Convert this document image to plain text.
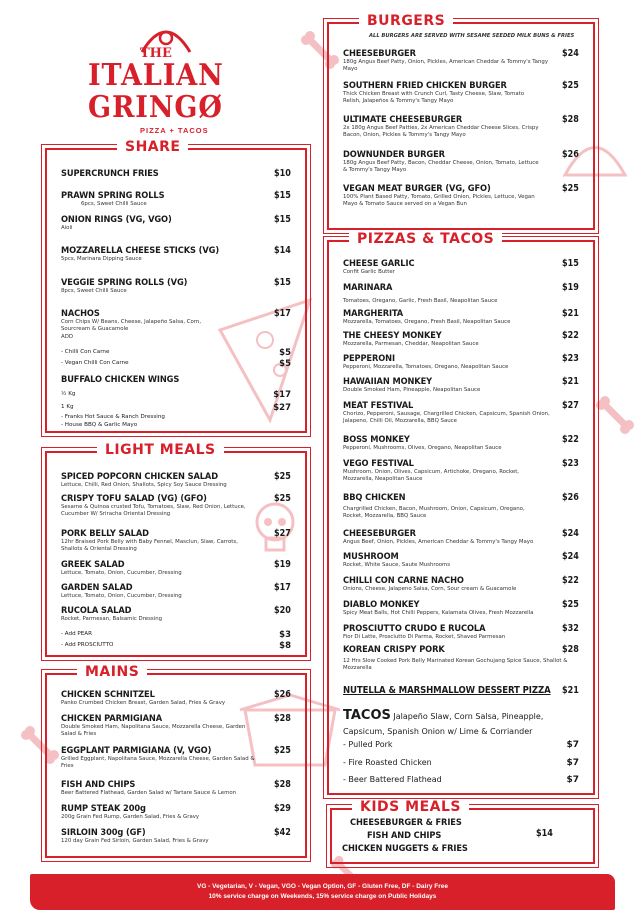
THE
ITALIAN
GRINGØ
PIZZA + TACOS
SHARE
SUPERCRUNCH FRIES	$10
PRAWN SPRING ROLLS	$15
6pcs, Sweet Chilli Sauce
ONION RINGS (VG, VGO)	$15
Aioli
MOZZARELLA CHEESE STICKS (VG)	$14
5pcs, Marinara Dipping Sauce
VEGGIE SPRING ROLLS (VG)	$15
8pcs, Sweet Chilli Sauce
NACHOS	$17
Corn Chips W/ Beans, Cheese, Jalapeño Salsa, Corn, Sourcream & Guacamole
ADD
- Chilli Con Carne	$5
- Vegan Chilli Con Carne	$5
BUFFALO CHICKEN WINGS
½ Kg	$17
1 Kg	$27
- Franks Hot Sauce & Ranch Dressing
- House BBQ & Garlic Mayo
LIGHT MEALS
SPICED POPCORN CHICKEN SALAD	$25
Lettuce, Chilli, Red Onion, Shallots, Spicy Soy Sauce Dressing
CRISPY TOFU SALAD (VG) (GFO)	$25
Sesame & Quinoa crusted Tofu, Tomatoes, Slaw, Red Onion, Lettuce, Cucumber W/ Sriracha Oriental Dressing
PORK BELLY SALAD	$27
12hr Braised Pork Belly with Baby Fennel, Masclun, Slaw, Carrots, Shallots & Oriental Dressing
GREEK SALAD	$19
Lettuce, Tomato, Onion, Cucumber, Dressing
GARDEN SALAD	$17
Lettuce, Tomato, Onion, Cucumber, Dressing
RUCOLA SALAD	$20
Rocket, Parmesan, Balsamic Dressing
- Add PEAR	$3
- Add PROSCIUTTO	$8
MAINS
CHICKEN SCHNITZEL	$26
Panko Crumbed Chicken Breast, Garden Salad, Fries & Gravy
CHICKEN PARMIGIANA	$28
Double Smoked Ham, Napolitana Sauce, Mozzarella Cheese, Garden Salad & Fries
EGGPLANT PARMIGIANA (V, VGO)	$25
Grilled Eggplant, Napolitana Sauce, Mozzarella Cheese, Garden Salad & Fries
FISH AND CHIPS	$28
Beer Battered Flathead, Garden Salad w/ Tartare Sauce & Lemon
RUMP STEAK 200g	$29
200g Grain Fed Rump, Garden Salad, Fries & Gravy
SIRLOIN 300g (GF)	$42
120 day Grain Fed Sirloin, Garden Salad, Fries & Gravy
BURGERS
ALL BURGERS ARE SERVED WITH SESAME SEEDED MILK BUNS & FRIES
CHEESEBURGER	$24
180g Angus Beef Patty, Onion, Pickles, American Cheddar & Tommy's Tangy Mayo
SOUTHERN FRIED CHICKEN BURGER	$25
Thick Chicken Breast with Crunch Curl, Tasty Cheese, Slaw, Tomato Relish, Jalapeños & Tommy's Tangy Mayo
ULTIMATE CHEESEBURGER	$28
2x 180g Angus Beef Patties, 2x American Cheddar Cheese Slices, Crispy Bacon, Onion, Pickles & Tommy's Tangy Mayo
DOWNUNDER BURGER	$26
180g Angus Beef Patty, Bacon, Cheddar Cheese, Onion, Tomato, Lettuce & Tommy's Tangy Mayo
VEGAN MEAT BURGER (VG, GFO)	$25
100% Plant Based Patty, Tomato, Grilled Onion, Pickles, Lettuce, Vegan Mayo & Tomato Sauce served on a Vegan Bun
PIZZAS & TACOS
CHEESE GARLIC	$15
Confit Garlic Butter
MARINARA	$19
Tomatoes, Oregano, Garlic, Fresh Basil, Neapolitan Sauce
MARGHERITA	$21
Mozzarella, Tomatoes, Oregano, Fresh Basil, Neapolitan Sauce
THE CHEESY MONKEY	$22
Mozzarella, Parmesan, Cheddar, Neapolitan Sauce
PEPPERONI	$23
Pepperoni, Mozzarella, Tomatoes, Oregano, Neapolitan Sauce
HAWAIIAN MONKEY	$21
Double Smoked Ham, Pineapple, Neapolitan Sauce
MEAT FESTIVAL	$27
Chorizo, Pepperoni, Sausage, Chargrilled Chicken, Capsicum, Spanish Onion, Jalapeno, Chilli Oil, Mozzarella, BBQ Sauce
BOSS MONKEY	$22
Pepperoni, Mushrooms, Olives, Oregano, Neapolitan Sauce
VEGO FESTIVAL	$23
Mushroom, Onion, Olives, Capsicum, Artichoke, Oregano, Rocket, Mozzarella, Neapolitan Sauce
BBQ CHICKEN	$26
Chargrilled Chicken, Bacon, Mushroom, Onion, Capsicum, Oregano, Rocket, Mozzarella, BBQ Sauce
CHEESEBURGER	$24
Angus Beef, Onion, Pickles, American Cheddar & Tommy's Tangy Mayo
MUSHROOM	$24
Rocket, White Sauce, Saute Mushrooms
CHILLI CON CARNE NACHO	$22
Onions, Cheese, Jalapeno Salsa, Corn, Sour cream & Guacamole
DIABLO MONKEY	$25
Spicy Meat Balls, Hot Chilli Peppers, Kalamata Olives, Fresh Mozzarella
PROSCIUTTO CRUDO E RUCOLA	$32
Fior Di Latte, Prosciutto Di Parma, Rocket, Shaved Parmesan
KOREAN CRISPY PORK	$28
12 Hrs Slow Cooked Pork Belly Marinated Korean Gochujang Spice Sauce, Shallot & Mozzarella
NUTELLA & MARSHMALLOW DESSERT PIZZA	$21
TACOS Jalapeño Slaw, Corn Salsa, Pineapple, Capsicum, Spanish Onion w/ Lime & Corriander
- Pulled Pork	$7
- Fire Roasted Chicken	$7
- Beer Battered Flathead	$7
KIDS MEALS
CHEESEBURGER & FRIES
FISH AND CHIPS
CHICKEN NUGGETS & FRIES
$14
VG - Vegetarian, V - Vegan, VGO - Vegan Option, GF - Gluten Free, DF - Dairy Free
10% service charge on Weekends, 15% service charge on Public Holidays
